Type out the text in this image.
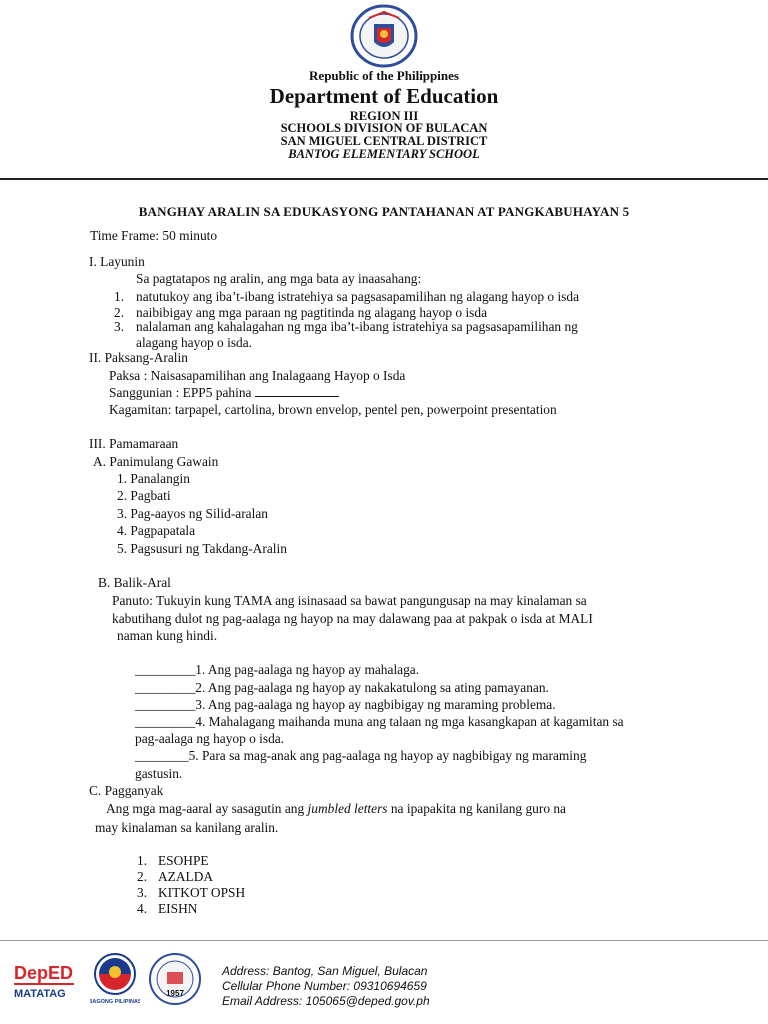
Republic of the Philippines
Department of Education
REGION III
SCHOOLS DIVISION OF BULACAN
SAN MIGUEL CENTRAL DISTRICT
BANTOG ELEMENTARY SCHOOL
BANGHAY ARALIN SA EDUKASYONG PANTAHANAN AT PANGKABUHAYAN 5
Time Frame: 50 minuto
I. Layunin
Sa pagtatapos ng aralin, ang mga bata ay inaasahang:
1. natutukoy ang iba’t-ibang istratehiya sa pagsasapamilihan ng alagang hayop o isda
2. naibibigay ang mga paraan ng pagtitinda ng alagang hayop o isda
3. nalalaman ang kahalagahan ng mga iba’t-ibang istratehiya sa pagsasapamilihan ng
alagang hayop o isda.
II. Paksang-Aralin
Paksa : Naisasapamilihan ang Inalagaang Hayop o Isda
Sanggunian : EPP5 pahina
Kagamitan: tarpapel, cartolina, brown envelop, pentel pen, powerpoint presentation
III. Pamamaraan
A. Panimulang Gawain
1. Panalangin
2. Pagbati
3. Pag-aayos ng Silid-aralan
4. Pagpapatala
5. Pagsusuri ng Takdang-Aralin
B. Balik-Aral
Panuto: Tukuyin kung TAMA ang isinasaad sa bawat pangungusap na may kinalaman sa
kabutihang dulot ng pag-aalaga ng hayop na may dalawang paa at pakpak o isda at MALI
naman kung hindi.
_________1. Ang pag-aalaga ng hayop ay mahalaga.
_________2. Ang pag-aalaga ng hayop ay nakakatulong sa ating pamayanan.
_________3. Ang pag-aalaga ng hayop ay nagbibigay ng maraming problema.
_________4. Mahalagang maihanda muna ang talaan ng mga kasangkapan at kagamitan sa
pag-aalaga ng hayop o isda.
________5. Para sa mag-anak ang pag-aalaga ng hayop ay nagbibigay ng maraming
gastusin.
C. Pagganyak
Ang mga mag-aaral ay sasagutin ang jumbled letters na ipapakita ng kanilang guro na
may kinalaman sa kanilang aralin.
1. ESOHPE
2. AZALDA
3. KITKOT OPSH
4. EISHN
DepED
MATATAG
BAGONG PILIPINAS
1957
Address: Bantog, San Miguel, Bulacan
Cellular Phone Number: 09310694659
Email Address: 105065@deped.gov.ph
